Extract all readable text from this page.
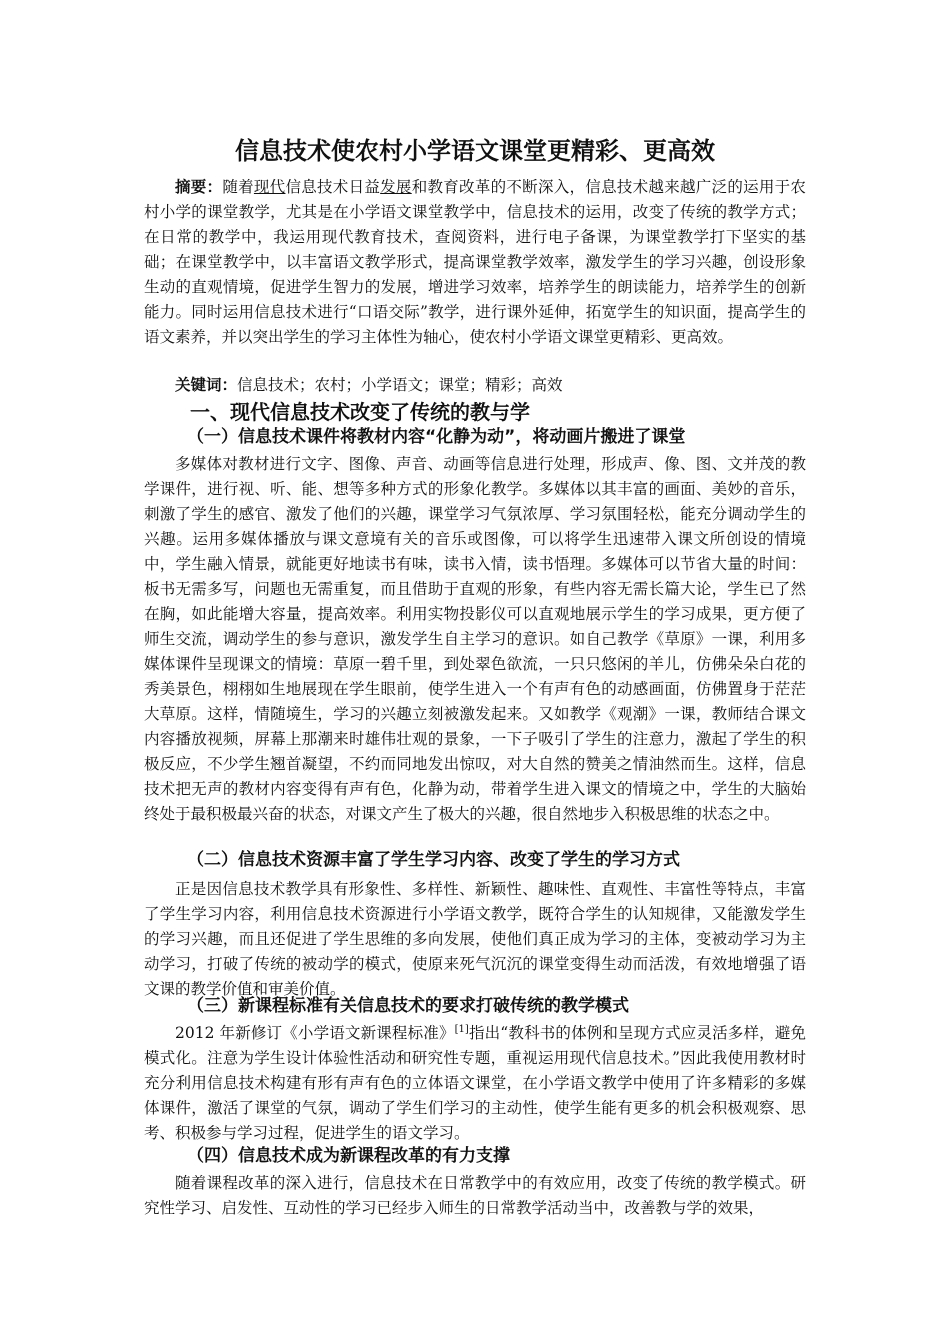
信息技术使农村小学语文课堂更精彩、更高效

摘要：随着现代信息技术日益发展和教育改革的不断深入，信息技术越来越广泛的运用于农村小学的课堂教学，尤其是在小学语文课堂教学中，信息技术的运用，改变了传统的教学方式；在日常的教学中，我运用现代教育技术，查阅资料，进行电子备课，为课堂教学打下坚实的基础；在课堂教学中，以丰富语文教学形式，提高课堂教学效率，激发学生的学习兴趣，创设形象生动的直观情境，促进学生智力的发展，增进学习效率，培养学生的朗读能力，培养学生的创新能力。同时运用信息技术进行“口语交际”教学，进行课外延伸，拓宽学生的知识面，提高学生的语文素养，并以突出学生的学习主体性为轴心，使农村小学语文课堂更精彩、更高效。

关键词：信息技术；农村；小学语文；课堂；精彩；高效

一、现代信息技术改变了传统的教与学
（一）信息技术课件将教材内容“化静为动”，将动画片搬进了课堂

多媒体对教材进行文字、图像、声音、动画等信息进行处理，形成声、像、图、文并茂的教学课件，进行视、听、能、想等多种方式的形象化教学。多媒体以其丰富的画面、美妙的音乐，刺激了学生的感官、激发了他们的兴趣，课堂学习气氛浓厚、学习氛围轻松，能充分调动学生的兴趣。运用多媒体播放与课文意境有关的音乐或图像，可以将学生迅速带入课文所创设的情境中，学生融入情景，就能更好地读书有味，读书入情，读书悟理。多媒体可以节省大量的时间：板书无需多写，问题也无需重复，而且借助于直观的形象，有些内容无需长篇大论，学生已了然在胸，如此能增大容量，提高效率。利用实物投影仪可以直观地展示学生的学习成果，更方便了师生交流，调动学生的参与意识，激发学生自主学习的意识。如自己教学《草原》一课，利用多媒体课件呈现课文的情境：草原一碧千里，到处翠色欲流，一只只悠闲的羊儿，仿佛朵朵白花的秀美景色，栩栩如生地展现在学生眼前，使学生进入一个有声有色的动感画面，仿佛置身于茫茫大草原。这样，情随境生，学习的兴趣立刻被激发起来。又如教学《观潮》一课，教师结合课文内容播放视频，屏幕上那潮来时雄伟壮观的景象，一下子吸引了学生的注意力，激起了学生的积极反应，不少学生翘首凝望，不约而同地发出惊叹，对大自然的赞美之情油然而生。这样，信息技术把无声的教材内容变得有声有色，化静为动，带着学生进入课文的情境之中，学生的大脑始终处于最积极最兴奋的状态，对课文产生了极大的兴趣，很自然地步入积极思维的状态之中。

（二）信息技术资源丰富了学生学习内容、改变了学生的学习方式

正是因信息技术教学具有形象性、多样性、新颖性、趣味性、直观性、丰富性等特点，丰富了学生学习内容，利用信息技术资源进行小学语文教学，既符合学生的认知规律，又能激发学生的学习兴趣，而且还促进了学生思维的多向发展，使他们真正成为学习的主体，变被动学习为主动学习，打破了传统的被动学的模式，使原来死气沉沉的课堂变得生动而活泼，有效地增强了语文课的教学价值和审美价值。

（三）新课程标准有关信息技术的要求打破传统的教学模式

2012 年新修订《小学语文新课程标准》[1]指出“教科书的体例和呈现方式应灵活多样，避免模式化。注意为学生设计体验性活动和研究性专题，重视运用现代信息技术。”因此我使用教材时充分利用信息技术构建有形有声有色的立体语文课堂，在小学语文教学中使用了许多精彩的多媒体课件，激活了课堂的气氛，调动了学生们学习的主动性，使学生能有更多的机会积极观察、思考、积极参与学习过程，促进学生的语文学习。

（四）信息技术成为新课程改革的有力支撑

随着课程改革的深入进行，信息技术在日常教学中的有效应用，改变了传统的教学模式。研究性学习、启发性、互动性的学习已经步入师生的日常教学活动当中，改善教与学的效果，
